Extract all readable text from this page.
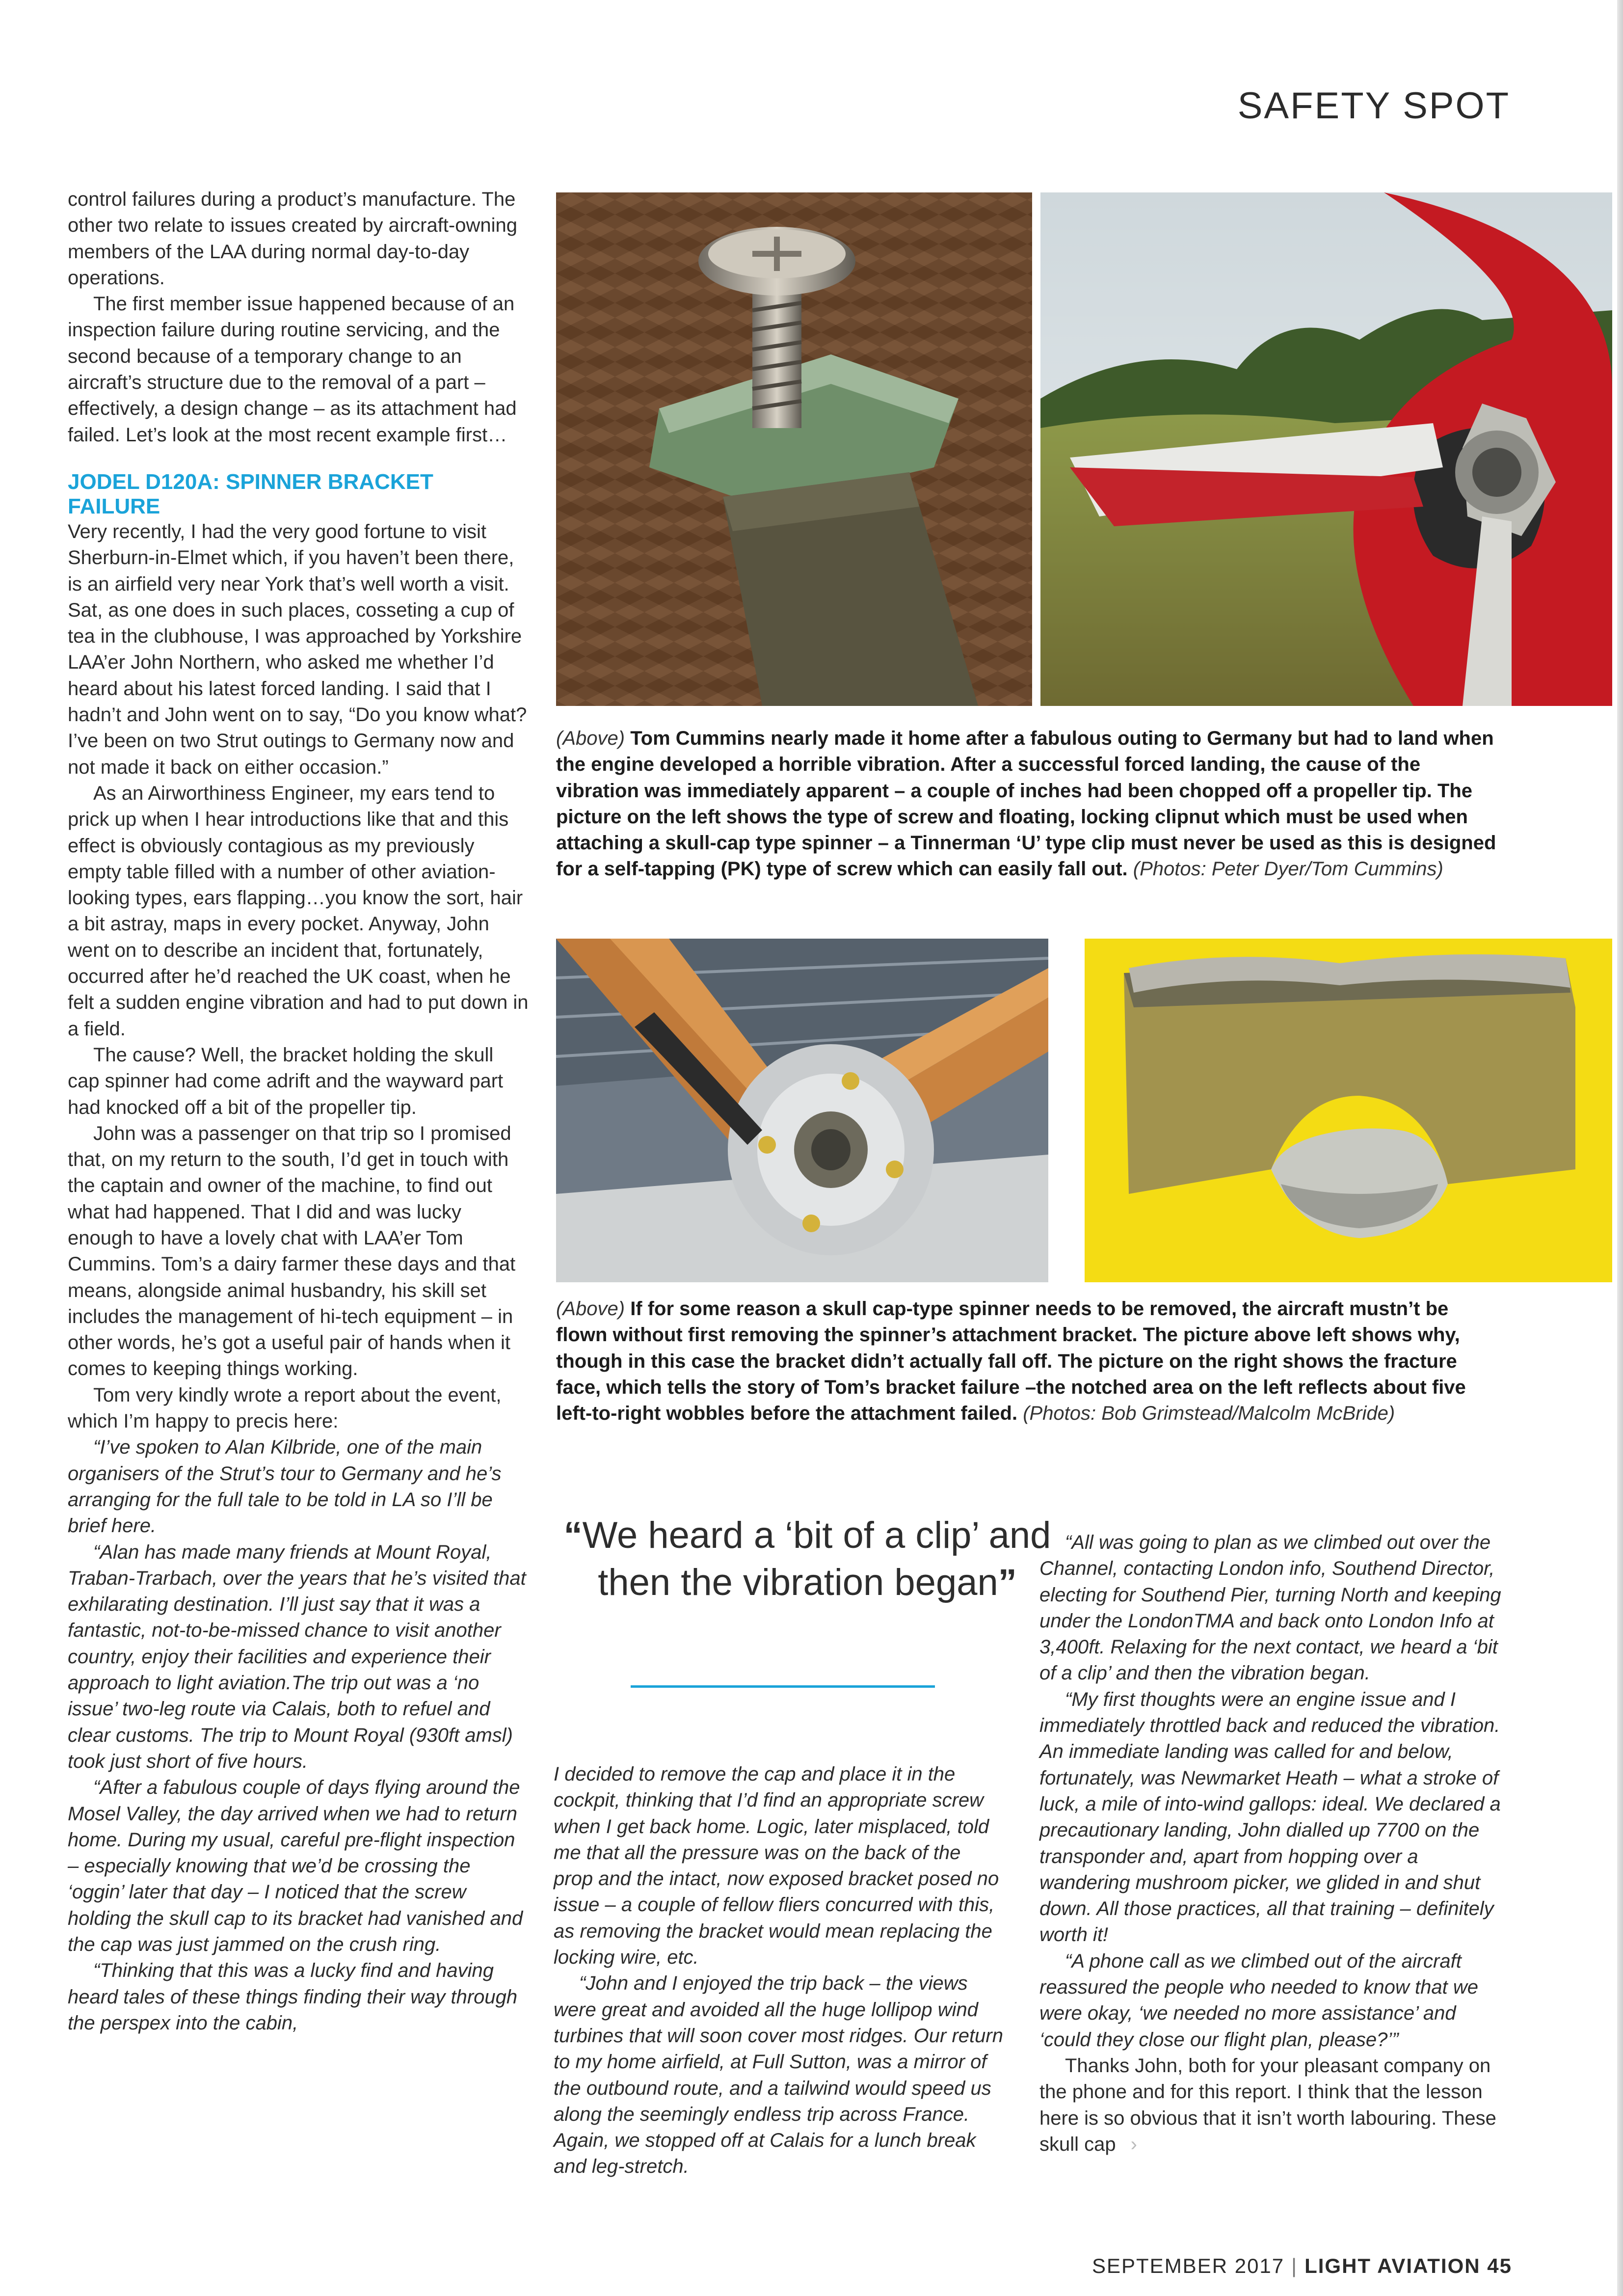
SAFETY SPOT

control failures during a product’s manufacture. The other two relate to issues created by aircraft-owning members of the LAA during normal day-to-day operations.

The first member issue happened because of an inspection failure during routine servicing, and the second because of a temporary change to an aircraft’s structure due to the removal of a part – effectively, a design change – as its attachment had failed. Let’s look at the most recent example first…

JODEL D120A: SPINNER BRACKET FAILURE

Very recently, I had the very good fortune to visit Sherburn-in-Elmet which, if you haven’t been there, is an airfield very near York that’s well worth a visit. Sat, as one does in such places, cosseting a cup of tea in the clubhouse, I was approached by Yorkshire LAA’er John Northern, who asked me whether I’d heard about his latest forced landing. I said that I hadn’t and John went on to say, “Do you know what? I’ve been on two Strut outings to Germany now and not made it back on either occasion.”

As an Airworthiness Engineer, my ears tend to prick up when I hear introductions like that and this effect is obviously contagious as my previously empty table filled with a number of other aviation-looking types, ears flapping…you know the sort, hair a bit astray, maps in every pocket. Anyway, John went on to describe an incident that, fortunately, occurred after he’d reached the UK coast, when he felt a sudden engine vibration and had to put down in a field.

The cause? Well, the bracket holding the skull cap spinner had come adrift and the wayward part had knocked off a bit of the propeller tip.

John was a passenger on that trip so I promised that, on my return to the south, I’d get in touch with the captain and owner of the machine, to find out what had happened. That I did and was lucky enough to have a lovely chat with LAA’er Tom Cummins. Tom’s a dairy farmer these days and that means, alongside animal husbandry, his skill set includes the management of hi-tech equipment – in other words, he’s got a useful pair of hands when it comes to keeping things working.

Tom very kindly wrote a report about the event, which I’m happy to precis here:

“I’ve spoken to Alan Kilbride, one of the main organisers of the Strut’s tour to Germany and he’s arranging for the full tale to be told in LA so I’ll be brief here.

“Alan has made many friends at Mount Royal, Traban-Trarbach, over the years that he’s visited that exhilarating destination. I’ll just say that it was a fantastic, not-to-be-missed chance to visit another country, enjoy their facilities and experience their approach to light aviation.The trip out was a ‘no issue’ two-leg route via Calais, both to refuel and clear customs. The trip to Mount Royal (930ft amsl) took just short of five hours.

“After a fabulous couple of days flying around the Mosel Valley, the day arrived when we had to return home. During my usual, careful pre-flight inspection – especially knowing that we’d be crossing the ‘oggin’ later that day – I noticed that the screw holding the skull cap to its bracket had vanished and the cap was just jammed on the crush ring.

“Thinking that this was a lucky find and having heard tales of these things finding their way through the perspex into the cabin,

(Above) Tom Cummins nearly made it home after a fabulous outing to Germany but had to land when the engine developed a horrible vibration. After a successful forced landing, the cause of the vibration was immediately apparent – a couple of inches had been chopped off a propeller tip. The picture on the left shows the type of screw and floating, locking clipnut which must be used when attaching a skull-cap type spinner – a Tinnerman ‘U’ type clip must never be used as this is designed for a self-tapping (PK) type of screw which can easily fall out. (Photos: Peter Dyer/Tom Cummins)
(Above) If for some reason a skull cap-type spinner needs to be removed, the aircraft mustn’t be flown without first removing the spinner’s attachment bracket. The picture above left shows why, though in this case the bracket didn’t actually fall off. The picture on the right shows the fracture face, which tells the story of Tom’s bracket failure –the notched area on the left reflects about five left-to-right wobbles before the attachment failed. (Photos: Bob Grimstead/Malcolm McBride)
“We heard a ‘bit of a clip’ and then the vibration began”

I decided to remove the cap and place it in the cockpit, thinking that I’d find an appropriate screw when I get back home. Logic, later misplaced, told me that all the pressure was on the back of the prop and the intact, now exposed bracket posed no issue – a couple of fellow fliers concurred with this, as removing the bracket would mean replacing the locking wire, etc.

“John and I enjoyed the trip back – the views were great and avoided all the huge lollipop wind turbines that will soon cover most ridges. Our return to my home airfield, at Full Sutton, was a mirror of the outbound route, and a tailwind would speed us along the seemingly endless trip across France. Again, we stopped off at Calais for a lunch break and leg-stretch.

“All was going to plan as we climbed out over the Channel, contacting London info, Southend Director, electing for Southend Pier, turning North and keeping under the LondonTMA and back onto London Info at 3,400ft. Relaxing for the next contact, we heard a ‘bit of a clip’ and then the vibration began.

“My first thoughts were an engine issue and I immediately throttled back and reduced the vibration. An immediate landing was called for and below, fortunately, was Newmarket Heath – what a stroke of luck, a mile of into-wind gallops: ideal. We declared a precautionary landing, John dialled up 7700 on the transponder and, apart from hopping over a wandering mushroom picker, we glided in and shut down. All those practices, all that training – definitely worth it!

“A phone call as we climbed out of the aircraft reassured the people who needed to know that we were okay, ‘we needed no more assistance’ and ‘could they close our flight plan, please?’”

Thanks John, both for your pleasant company on the phone and for this report. I think that the lesson here is so obvious that it isn’t worth labouring. These skull cap ›

SEPTEMBER 2017 | LIGHT AVIATION 45
